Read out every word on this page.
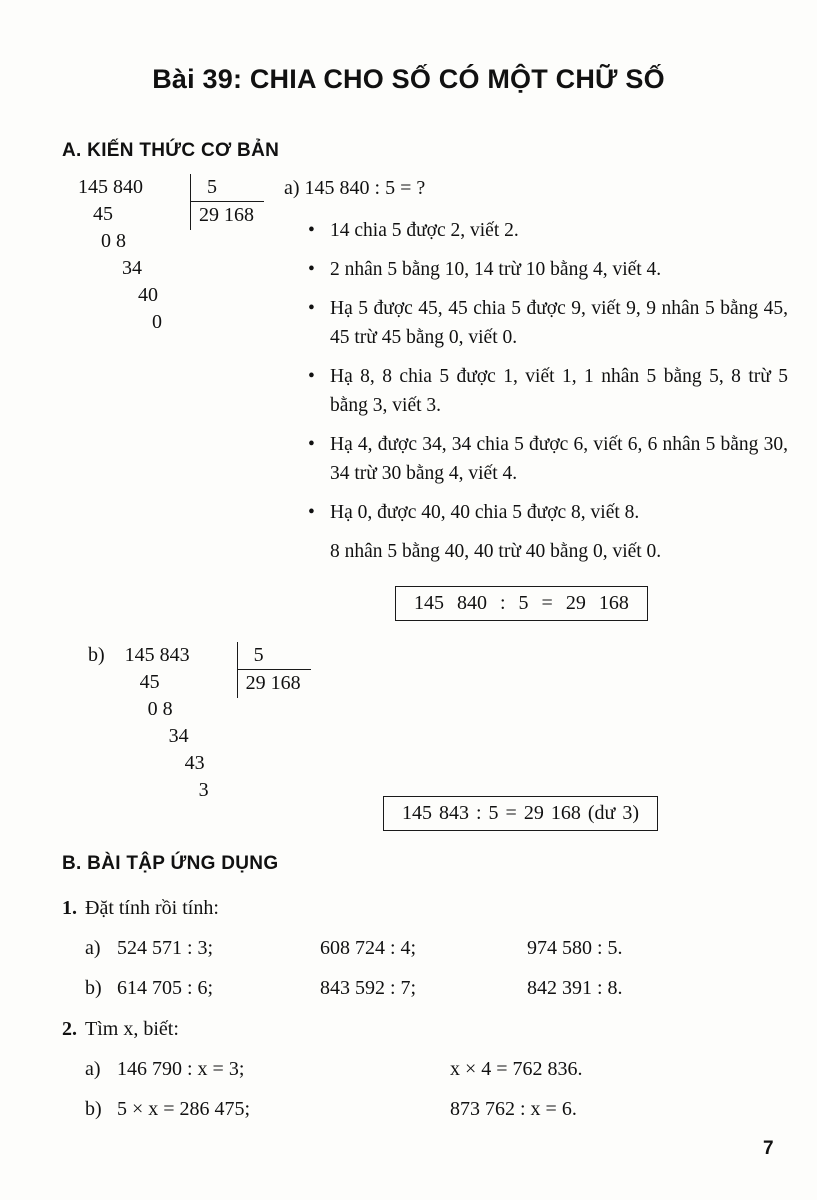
Bài 39: CHIA CHO SỐ CÓ MỘT CHỮ SỐ
A. KIẾN THỨC CƠ BẢN
145 840
45
0 8
34
40
0
5
29 168
a) 145 840 : 5 = ?
• 14 chia 5 được 2, viết 2.
• 2 nhân 5 bằng 10, 14 trừ 10 bằng 4, viết 4.
• Hạ 5 được 45, 45 chia 5 được 9, viết 9, 9 nhân 5 bằng 45, 45 trừ 45 bằng 0, viết 0.
• Hạ 8, 8 chia 5 được 1, viết 1, 1 nhân 5 bằng 5, 8 trừ 5 bằng 3, viết 3.
• Hạ 4, được 34, 34 chia 5 được 6, viết 6, 6 nhân 5 bằng 30, 34 trừ 30 bằng 4, viết 4.
• Hạ 0, được 40, 40 chia 5 được 8, viết 8.
8 nhân 5 bằng 40, 40 trừ 40 bằng 0, viết 0.
145 840 : 5 = 29 168
b) 145 843
45
0 8
34
43
3
5
29 168
145 843 : 5 = 29 168 (dư 3)
B. BÀI TẬP ỨNG DỤNG
1. Đặt tính rồi tính:
a) 524 571 : 3;	608 724 : 4;	974 580 : 5.
b) 614 705 : 6;	843 592 : 7;	842 391 : 8.
2. Tìm x, biết:
a) 146 790 : x = 3;	x × 4 = 762 836.
b) 5 × x = 286 475;	873 762 : x = 6.
7
